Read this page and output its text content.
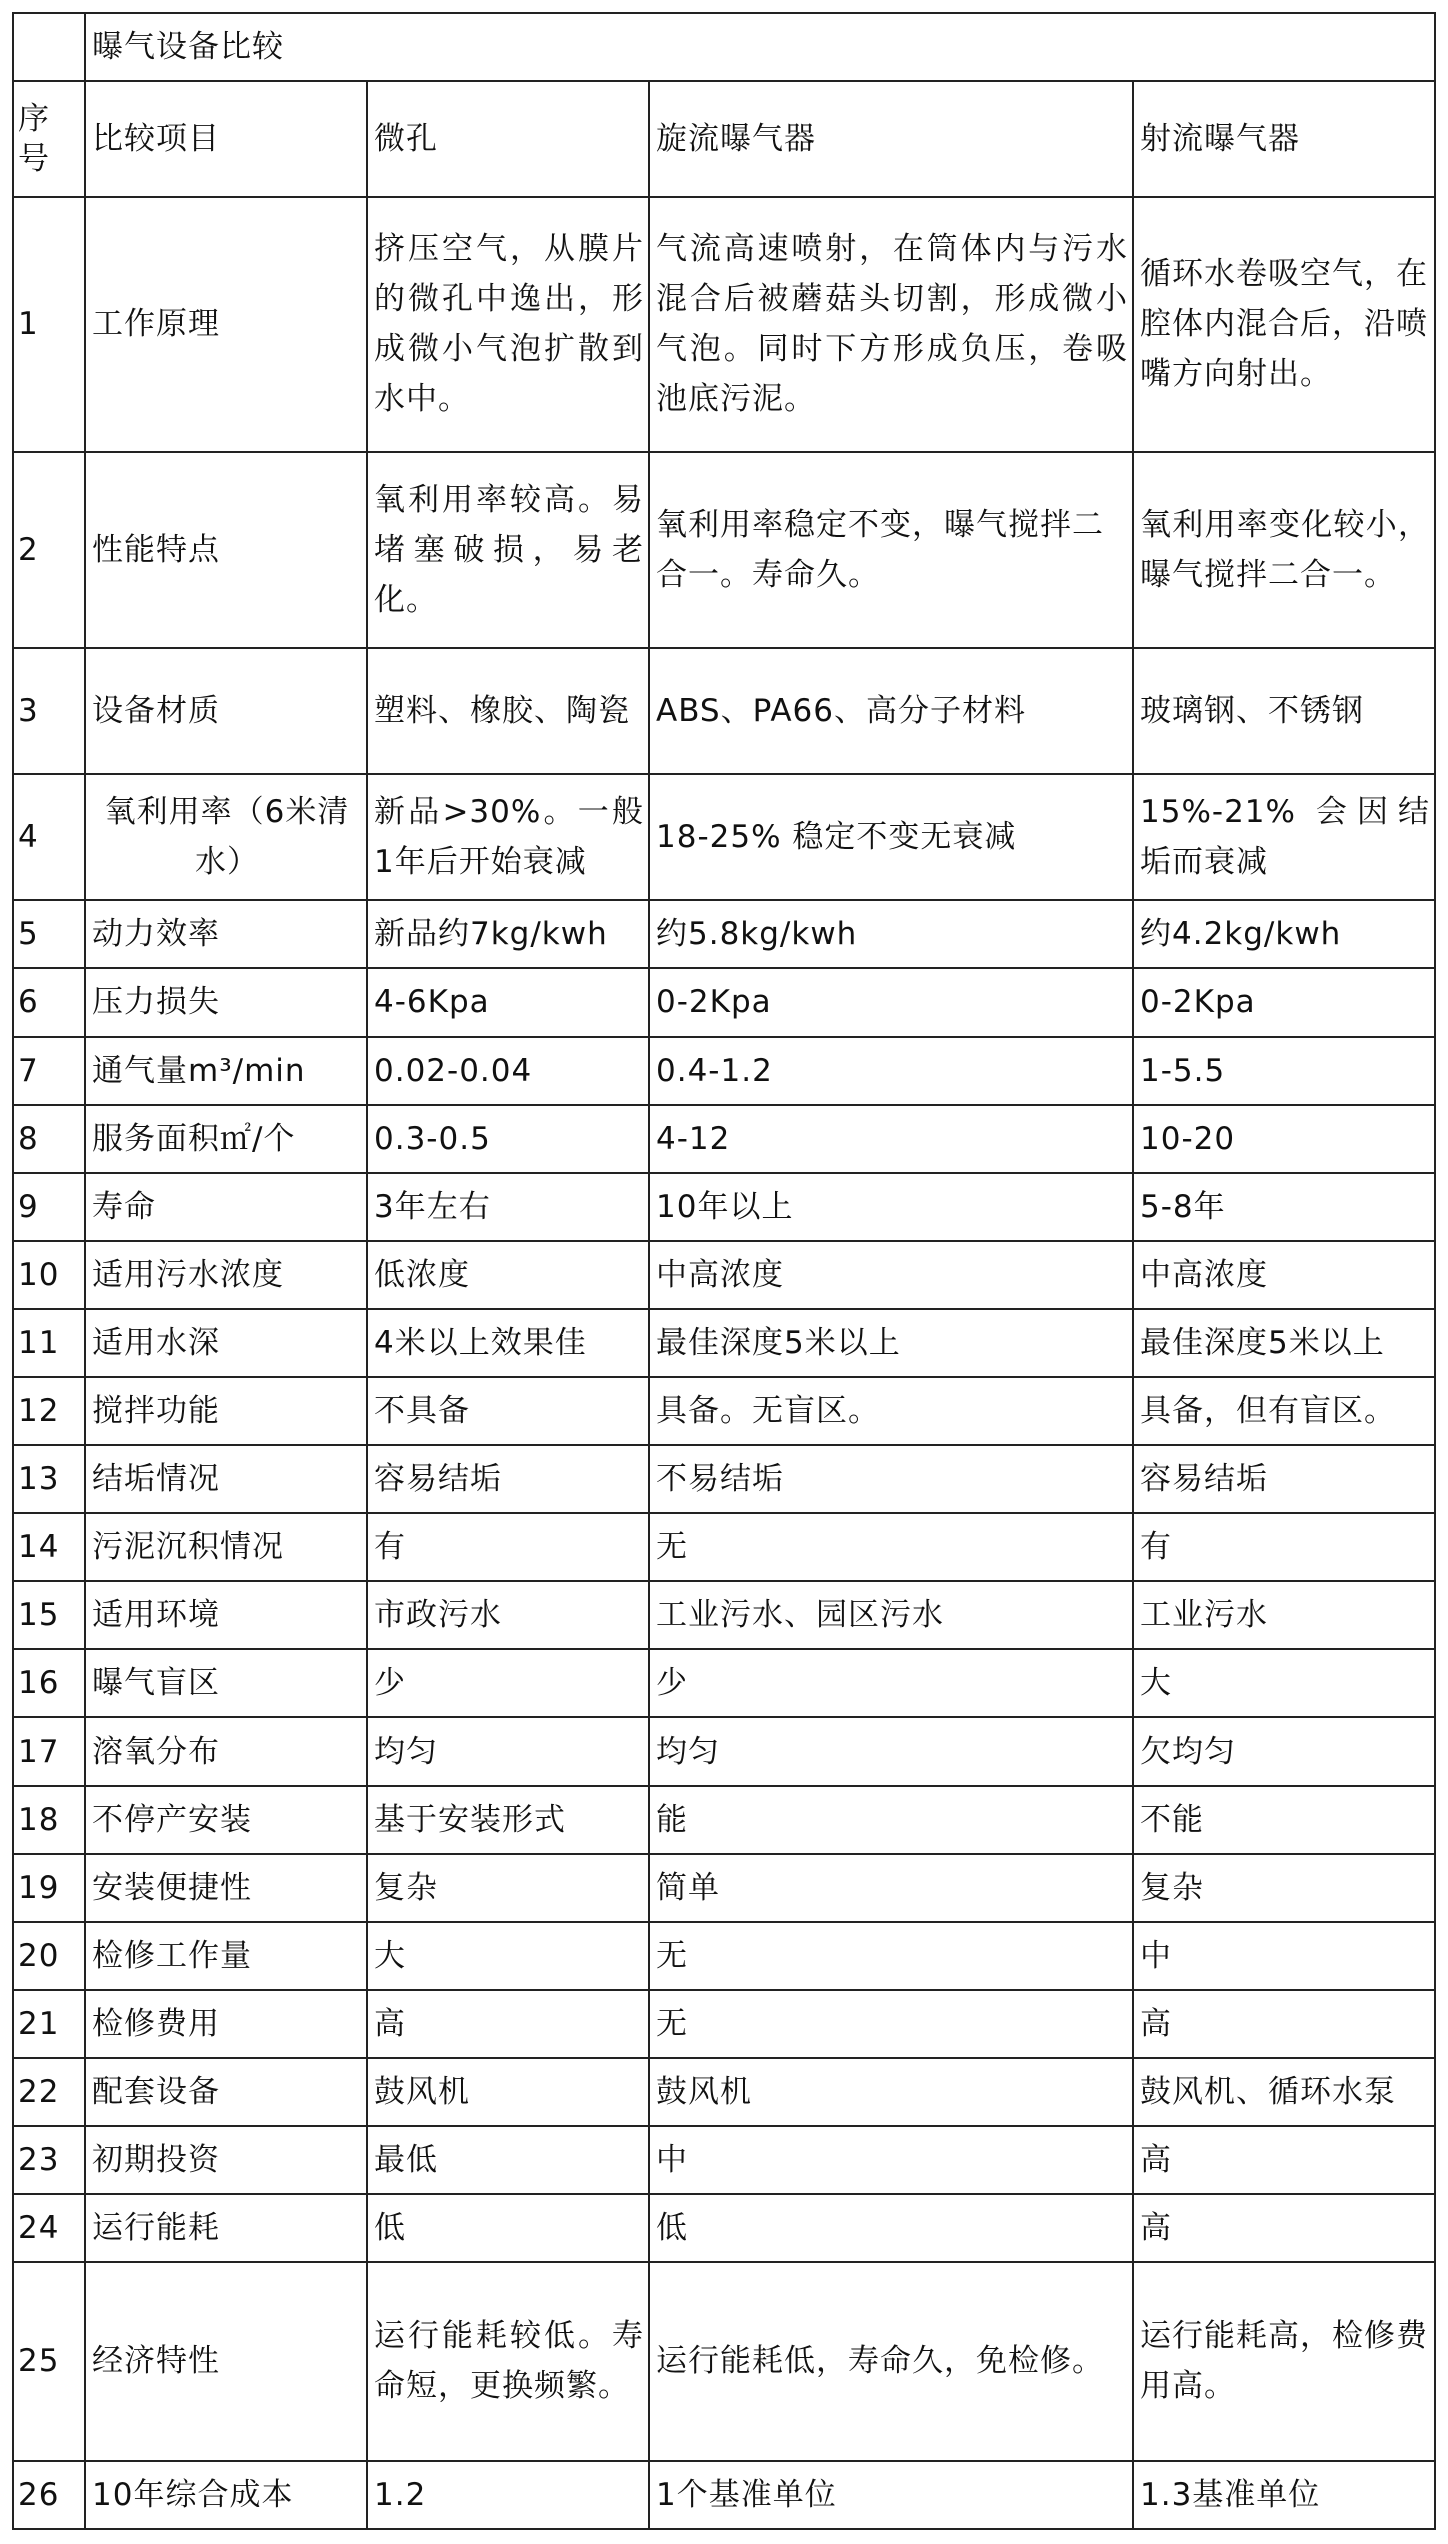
	曝气设备比较			
序号	比较项目	微孔	旋流曝气器	射流曝气器
1	工作原理	挤压空气，从膜片的微孔中逸出，形成微小气泡扩散到水中。	气流高速喷射，在筒体内与污水混合后被蘑菇头切割，形成微小气泡。同时下方形成负压，卷吸池底污泥。	循环水卷吸空气，在腔体内混合后，沿喷嘴方向射出。
2	性能特点	氧利用率较高。易堵塞破损，易老化。	氧利用率稳定不变，曝气搅拌二合一。寿命久。	氧利用率变化较小，曝气搅拌二合一。
3	设备材质	塑料、橡胶、陶瓷	ABS、PA66、高分子材料	玻璃钢、不锈钢
4	氧利用率（6米清水）	新品>30%。一般1年后开始衰减	18-25% 稳定不变无衰减	15%-21% 会因结垢而衰减
5	动力效率	新品约7kg/kwh	约5.8kg/kwh	约4.2kg/kwh
6	压力损失	4-6Kpa	0-2Kpa	0-2Kpa
7	通气量m³/min	0.02-0.04	0.4-1.2	1-5.5
8	服务面积㎡/个	0.3-0.5	4-12	10-20
9	寿命	3年左右	10年以上	5-8年
10	适用污水浓度	低浓度	中高浓度	中高浓度
11	适用水深	4米以上效果佳	最佳深度5米以上	最佳深度5米以上
12	搅拌功能	不具备	具备。无盲区。	具备，但有盲区。
13	结垢情况	容易结垢	不易结垢	容易结垢
14	污泥沉积情况	有	无	有
15	适用环境	市政污水	工业污水、园区污水	工业污水
16	曝气盲区	少	少	大
17	溶氧分布	均匀	均匀	欠均匀
18	不停产安装	基于安装形式	能	不能
19	安装便捷性	复杂	简单	复杂
20	检修工作量	大	无	中
21	检修费用	高	无	高
22	配套设备	鼓风机	鼓风机	鼓风机、循环水泵
23	初期投资	最低	中	高
24	运行能耗	低	低	高
25	经济特性	运行能耗较低。寿命短，更换频繁。	运行能耗低，寿命久，免检修。	运行能耗高，检修费用高。
26	10年综合成本	1.2	1个基准单位	1.3基准单位
